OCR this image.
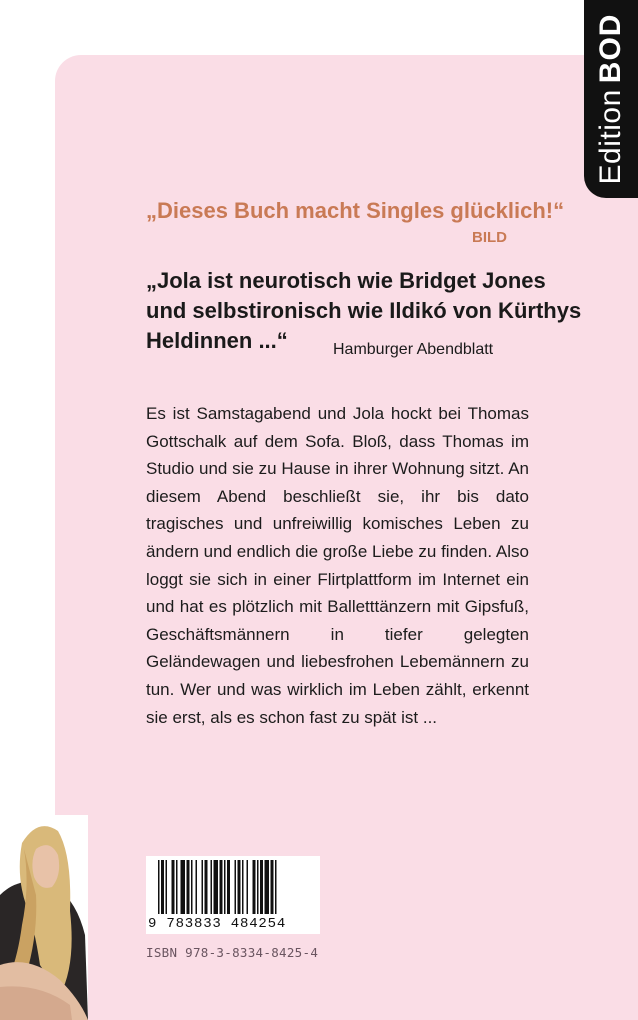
EditionBOD
„Dieses Buch macht Singles glücklich!“
BILD
„Jola ist neurotisch wie Bridget Jones und selbstironisch wie Ildikó von Kürthys Heldinnen ...“	Hamburger Abendblatt
Es ist Samstagabend und Jola hockt bei Thomas Gottschalk auf dem Sofa. Bloß, dass Thomas im Studio und sie zu Hause in ihrer Wohnung sitzt. An diesem Abend beschließt sie, ihr bis dato tragisches und unfreiwillig komisches Leben zu ändern und endlich die große Liebe zu finden. Also loggt sie sich in einer Flirtplattform im Internet ein und hat es plötzlich mit Balletttänzern mit Gipsfuß, Geschäftsmännern in tiefer gelegten Geländewagen und liebesfrohen Lebemännern zu tun. Wer und was wirklich im Leben zählt, erkennt sie erst, als es schon fast zu spät ist ...
9 783833 484254
ISBN 978-3-8334-8425-4
